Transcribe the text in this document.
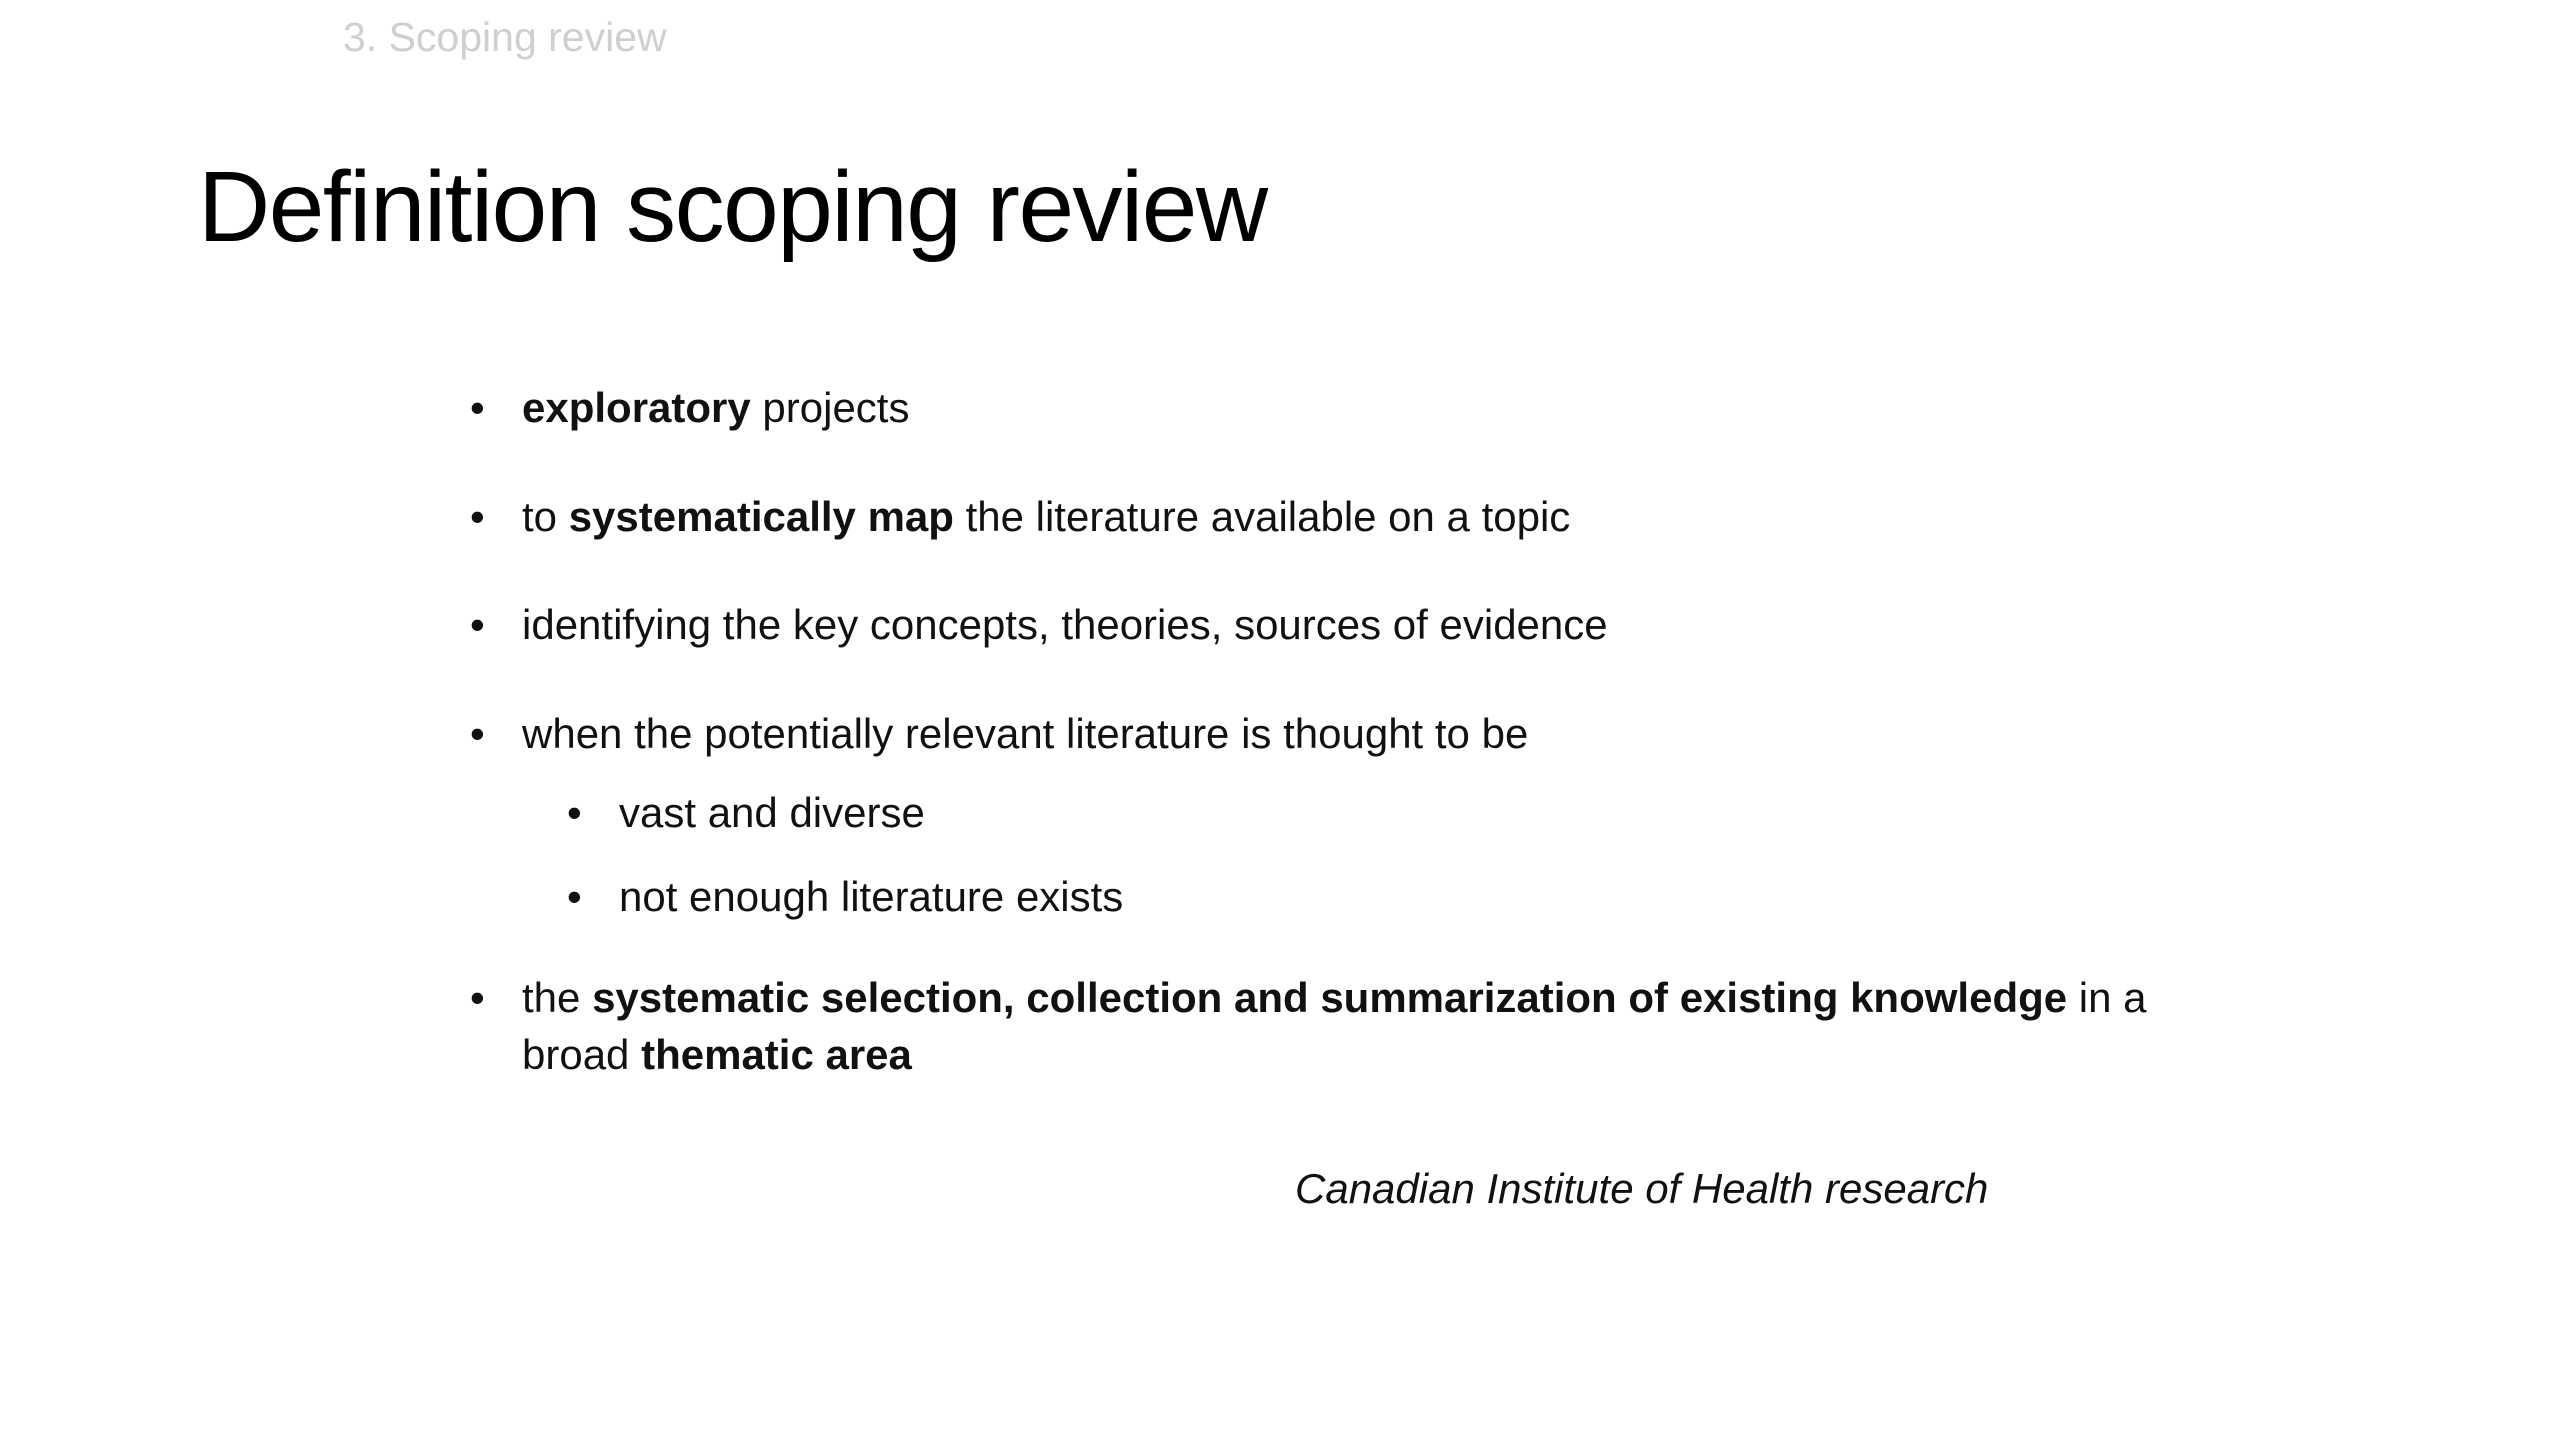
3. Scoping review
Definition scoping review
• exploratory projects
• to systematically map the literature available on a topic
• identifying the key concepts, theories, sources of evidence
• when the potentially relevant literature is thought to be
• vast and diverse
• not enough literature exists
• the systematic selection, collection and summarization of existing knowledge in a broad thematic area
Canadian Institute of Health research
